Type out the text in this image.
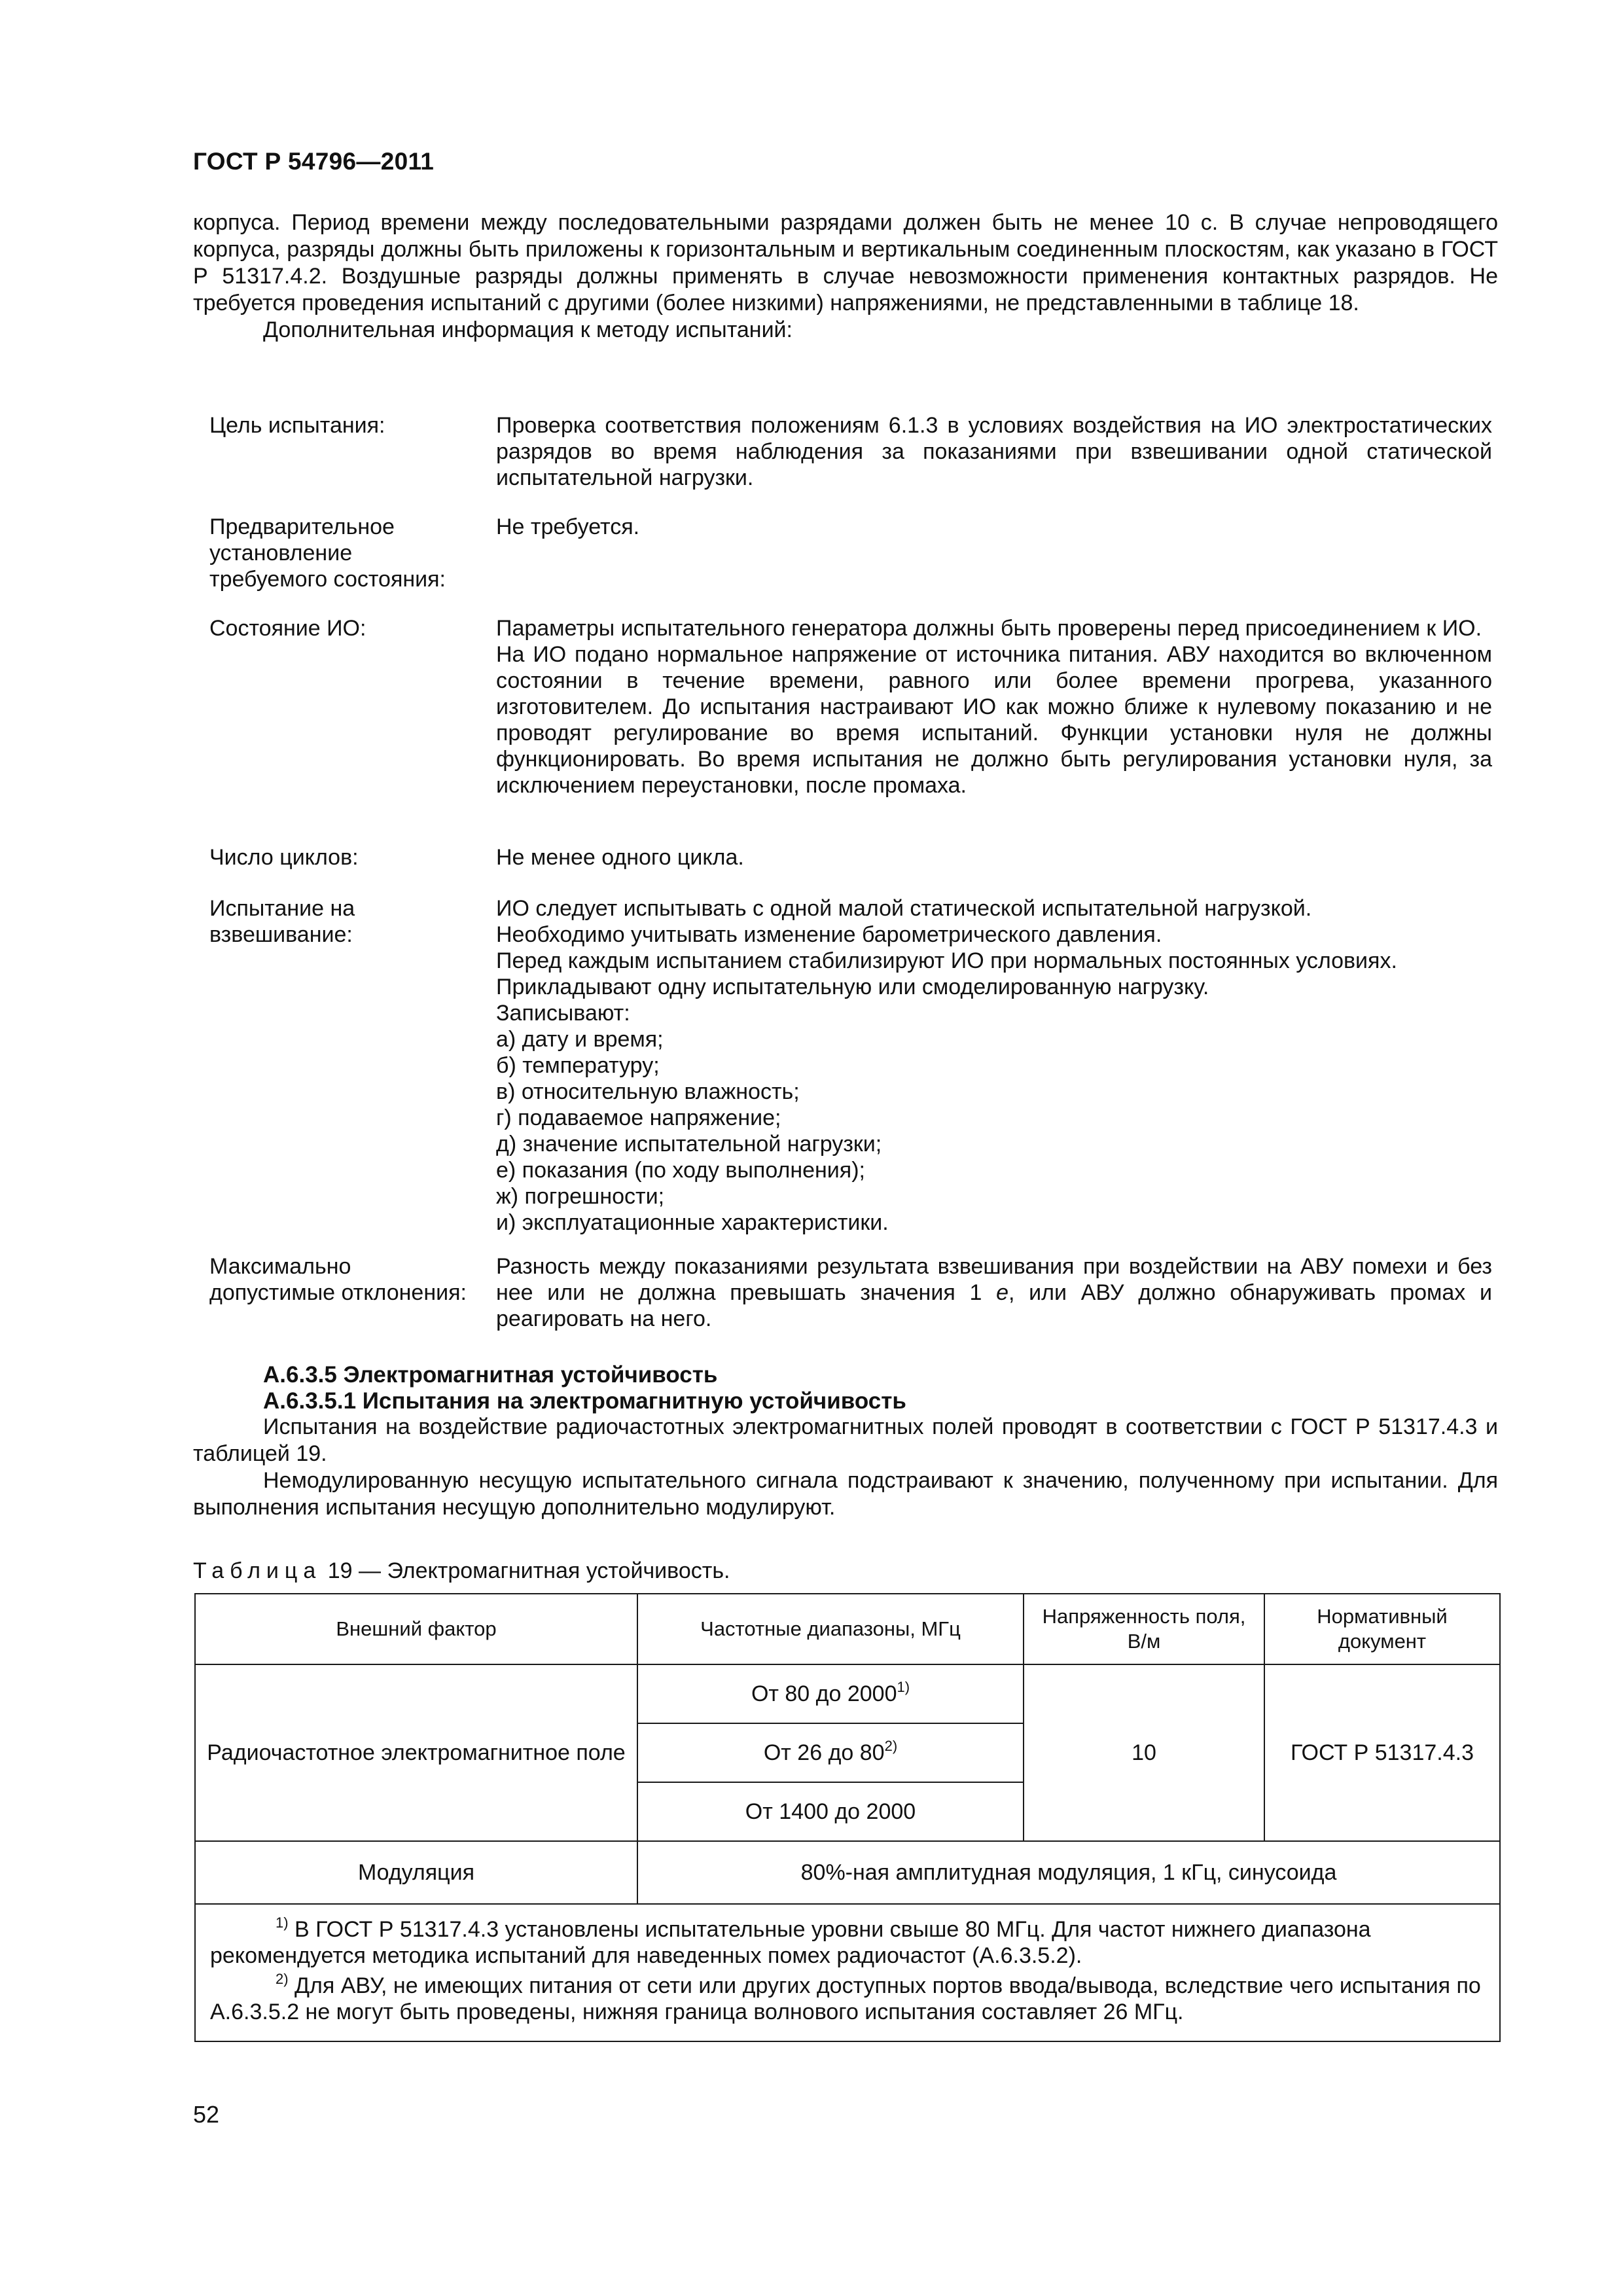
ГОСТ Р 54796—2011

корпуса. Период времени между последовательными разрядами должен быть не менее 10 с. В случае непроводящего корпуса, разряды должны быть приложены к горизонтальным и вертикальным соединенным плоскостям, как указано в ГОСТ Р 51317.4.2. Воздушные разряды должны применять в случае невозможности применения контактных разрядов. Не требуется проведения испытаний с другими (более низкими) напряжениями, не представленными в таблице 18.

Дополнительная информация к методу испытаний:

Цель испытания:	Проверка соответствия положениям 6.1.3 в условиях воздействия на ИО электростатических разрядов во время наблюдения за показаниями при взвешивании одной статической испытательной нагрузки.
Предварительное установление требуемого состояния:
Не требуется.
Состояние ИО:	Параметры испытательного генератора должны быть проверены перед присоединением к ИО.
На ИО подано нормальное напряжение от источника питания. АВУ находится во включенном состоянии в течение времени, равного или более времени прогрева, указанного изготовителем. До испытания настраивают ИО как можно ближе к нулевому показанию и не проводят регулирование во время испытаний. Функции установки нуля не должны функционировать. Во время испытания не должно быть регулирования установки нуля, за исключением переустановки, после промаха.
Число циклов:	Не менее одного цикла.
Испытание на взвешивание:
ИО следует испытывать с одной малой статической испытательной нагрузкой.
Необходимо учитывать изменение барометрического давления.
Перед каждым испытанием стабилизируют ИО при нормальных постоянных условиях.
Прикладывают одну испытательную или смоделированную нагрузку.
Записывают:
а) дату и время;
б) температуру;
в) относительную влажность;
г) подаваемое напряжение;
д) значение испытательной нагрузки;
е) показания (по ходу выполнения);
ж) погрешности;
и) эксплуатационные характеристики.
Максимально допустимые отклонения:
Разность между показаниями результата взвешивания при воздействии на АВУ помехи и без нее или не должна превышать значения 1 е, или АВУ должно обнаруживать промах и реагировать на него.
А.6.3.5 Электромагнитная устойчивость
А.6.3.5.1 Испытания на электромагнитную устойчивость

Испытания на воздействие радиочастотных электромагнитных полей проводят в соответствии с ГОСТ Р 51317.4.3 и таблицей 19.

Немодулированную несущую испытательного сигнала подстраивают к значению, полученному при испытании. Для выполнения испытания несущую дополнительно модулируют.

Таблица 19 — Электромагнитная устойчивость.
Внешний фактор	Частотные диапазоны, МГц	Напряженность поля, В/м	Нормативный документ
Радиочастотное электромагнитное поле	От 80 до 2000$^{1)}$	10	ГОСТ Р 51317.4.3
	От 26 до 80$^{2)}$
	От 1400 до 2000		
Модуляция	80%-ная амплитудная модуляция, 1 кГц, синусоида		

$^{1)}$ В ГОСТ Р 51317.4.3 установлены испытательные уровни свыше 80 МГц. Для частот нижнего диапазона рекомендуется методика испытаний для наведенных помех радиочастот (А.6.3.5.2).
$^{2)}$ Для АВУ, не имеющих питания от сети или других доступных портов ввода/вывода, вследствие чего испытания по А.6.3.5.2 не могут быть проведены, нижняя граница волнового испытания составляет 26 МГц.			
52
